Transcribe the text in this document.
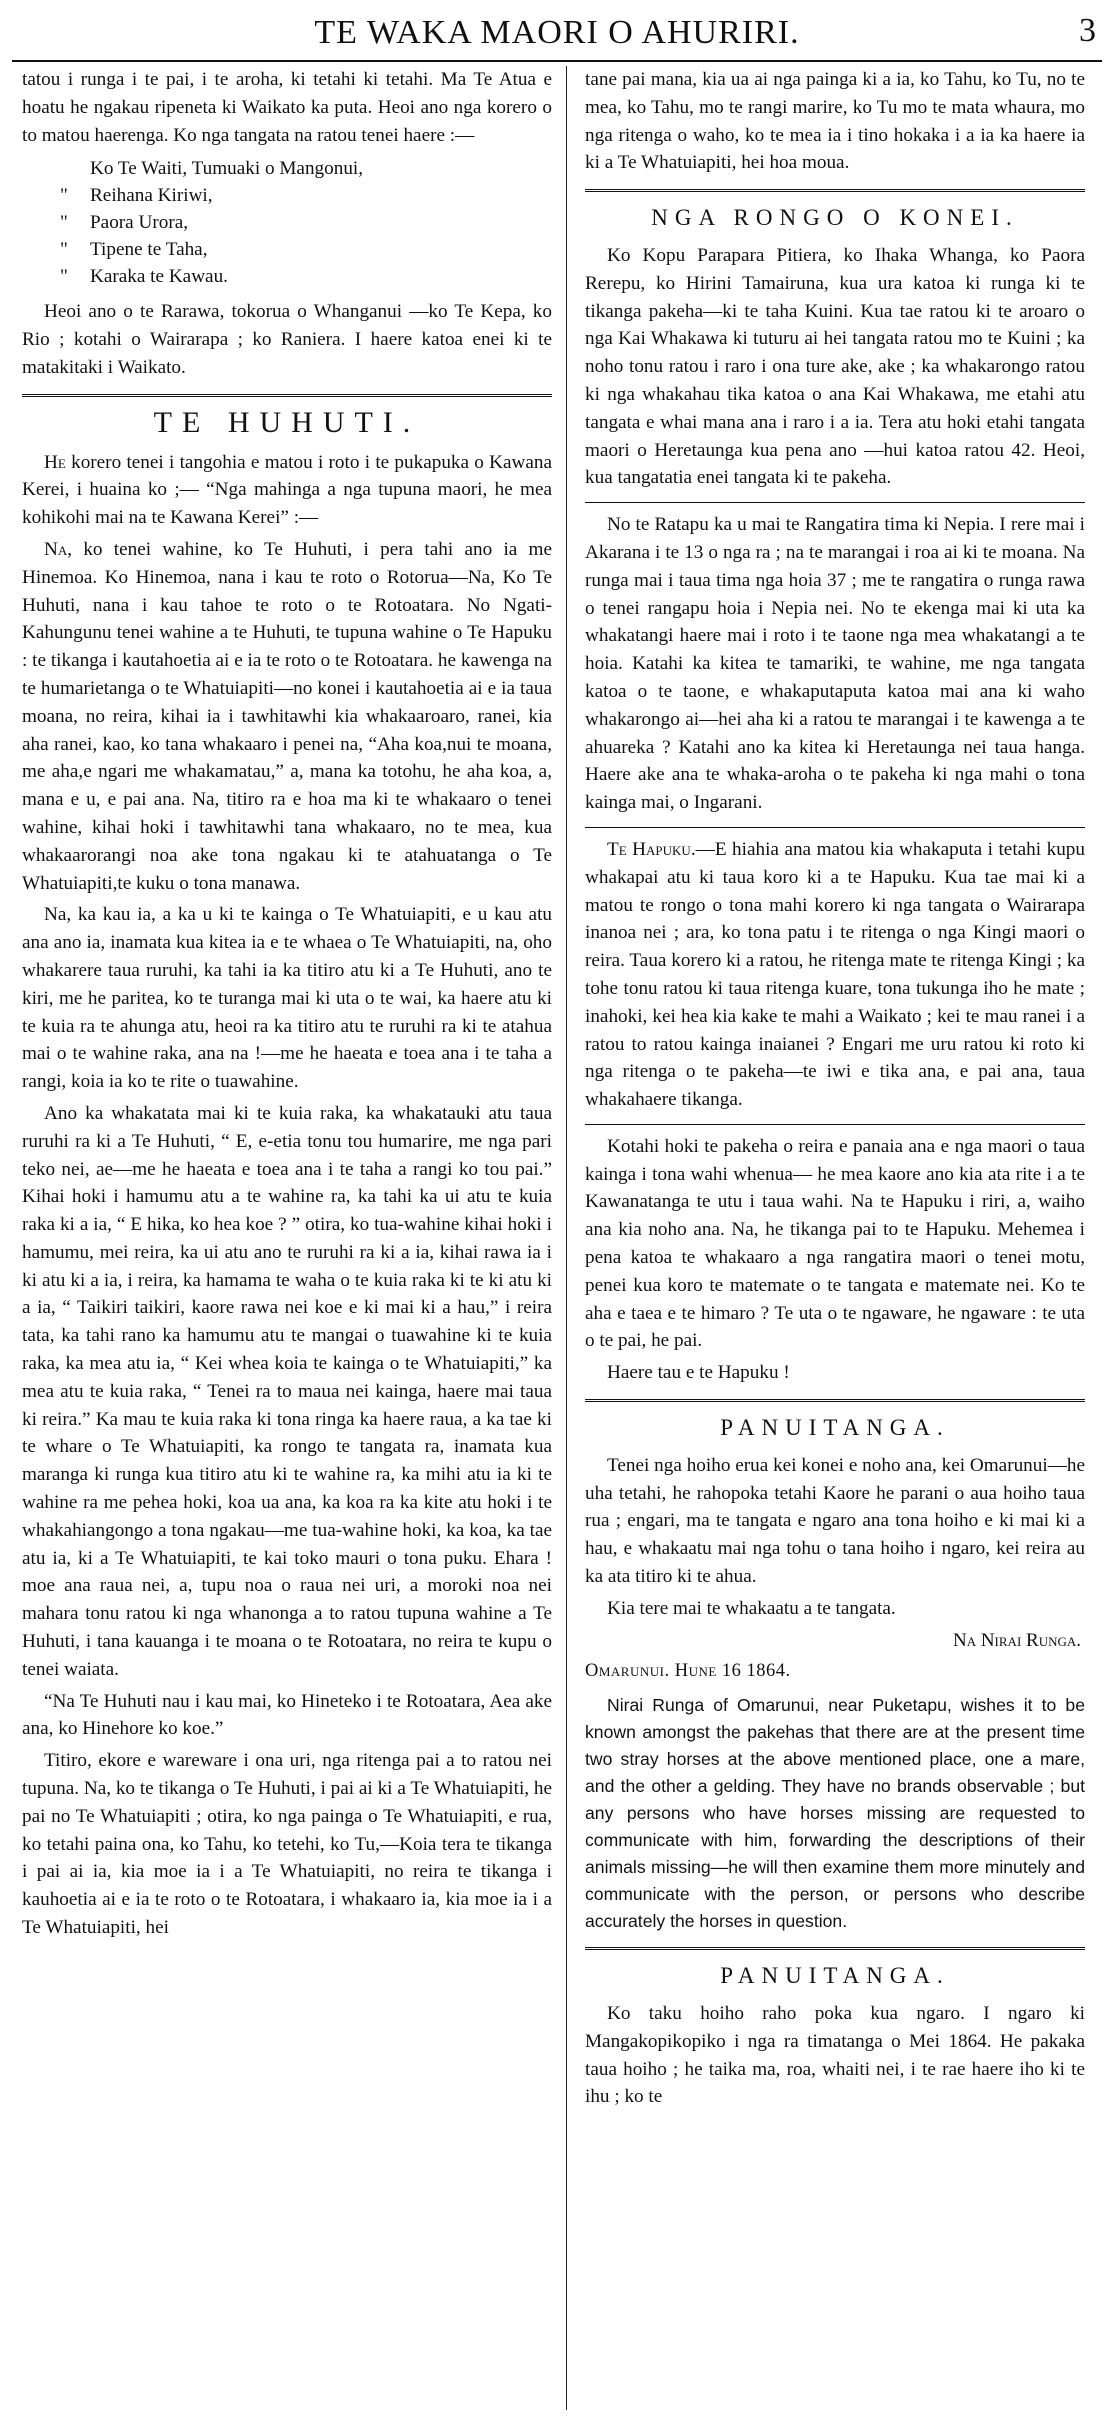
TE WAKA MAORI O AHURIRI.	3

tatou i runga i te pai, i te aroha, ki tetahi ki tetahi. Ma Te Atua e hoatu he ngakau ripeneta ki Waikato ka puta. Heoi ano nga korero o to matou haerenga. Ko nga tangata na ratou tenei haere :—

Ko Te Waiti, Tumuaki o Mangonui,
" Reihana Kiriwi,
" Paora Urora,
" Tipene te Taha,
" Karaka te Kawau.

Heoi ano o te Rarawa, tokorua o Whanganui —ko Te Kepa, ko Rio ; kotahi o Wairarapa ; ko Raniera. I haere katoa enei ki te matakitaki i Waikato.

TE HUHUTI.

He korero tenei i tangohia e matou i roto i te pukapuka o Kawana Kerei, i huaina ko ;— “Nga mahinga a nga tupuna maori, he mea kohikohi mai na te Kawana Kerei” :—

Na, ko tenei wahine, ko Te Huhuti, i pera tahi ano ia me Hinemoa. Ko Hinemoa, nana i kau te roto o Rotorua—Na, Ko Te Huhuti, nana i kau tahoe te roto o te Rotoatara. No Ngati-Kahungunu tenei wahine a te Huhuti, te tupuna wahine o Te Hapuku : te tikanga i kautahoetia ai e ia te roto o te Rotoatara. he kawenga na te humarietanga o te Whatuiapiti—no konei i kautahoetia ai e ia taua moana, no reira, kihai ia i tawhitawhi kia whakaaroaro, ranei, kia aha ranei, kao, ko tana whakaaro i penei na, “Aha koa,nui te moana, me aha,e ngari me whakamatau,” a, mana ka totohu, he aha koa, a, mana e u, e pai ana. Na, titiro ra e hoa ma ki te whakaaro o tenei wahine, kihai hoki i tawhitawhi tana whakaaro, no te mea, kua whakaarorangi noa ake tona ngakau ki te atahuatanga o Te Whatuiapiti,te kuku o tona manawa.

Na, ka kau ia, a ka u ki te kainga o Te Whatuiapiti, e u kau atu ana ano ia, inamata kua kitea ia e te whaea o Te Whatuiapiti, na, oho whakarere taua ruruhi, ka tahi ia ka titiro atu ki a Te Huhuti, ano te kiri, me he paritea, ko te turanga mai ki uta o te wai, ka haere atu ki te kuia ra te ahunga atu, heoi ra ka titiro atu te ruruhi ra ki te atahua mai o te wahine raka, ana na !—me he haeata e toea ana i te taha a rangi, koia ia ko te rite o tuawahine.

Ano ka whakatata mai ki te kuia raka, ka whakatauki atu taua ruruhi ra ki a Te Huhuti, “ E, e-etia tonu tou humarire, me nga pari teko nei, ae—me he haeata e toea ana i te taha a rangi ko tou pai.” Kihai hoki i hamumu atu a te wahine ra, ka tahi ka ui atu te kuia raka ki a ia, “ E hika, ko hea koe ? ” otira, ko tua-wahine kihai hoki i hamumu, mei reira, ka ui atu ano te ruruhi ra ki a ia, kihai rawa ia i ki atu ki a ia, i reira, ka hamama te waha o te kuia raka ki te ki atu ki a ia, “ Taikiri taikiri, kaore rawa nei koe e ki mai ki a hau,” i reira tata, ka tahi rano ka hamumu atu te mangai o tuawahine ki te kuia raka, ka mea atu ia, “ Kei whea koia te kainga o te Whatuiapiti,” ka mea atu te kuia raka, “ Tenei ra to maua nei kainga, haere mai taua ki reira.” Ka mau te kuia raka ki tona ringa ka haere raua, a ka tae ki te whare o Te Whatuiapiti, ka rongo te tangata ra, inamata kua maranga ki runga kua titiro atu ki te wahine ra, ka mihi atu ia ki te wahine ra me pehea hoki, koa ua ana, ka koa ra ka kite atu hoki i te whakahiangongo a tona ngakau—me tua-wahine hoki, ka koa, ka tae atu ia, ki a Te Whatuiapiti, te kai toko mauri o tona puku. Ehara ! moe ana raua nei, a, tupu noa o raua nei uri, a moroki noa nei mahara tonu ratou ki nga whanonga a to ratou tupuna wahine a Te Huhuti, i tana kauanga i te moana o te Rotoatara, no reira te kupu o tenei waiata.

“Na Te Huhuti nau i kau mai, ko Hineteko i te Rotoatara, Aea ake ana, ko Hinehore ko koe.”

Titiro, ekore e wareware i ona uri, nga ritenga pai a to ratou nei tupuna. Na, ko te tikanga o Te Huhuti, i pai ai ki a Te Whatuiapiti, he pai no Te Whatuiapiti ; otira, ko nga painga o Te Whatuiapiti, e rua, ko tetahi paina ona, ko Tahu, ko tetehi, ko Tu,—Koia tera te tikanga i pai ai ia, kia moe ia i a Te Whatuiapiti, no reira te tikanga i kauhoetia ai e ia te roto o te Rotoatara, i whakaaro ia, kia moe ia i a Te Whatuiapiti, hei

tane pai mana, kia ua ai nga painga ki a ia, ko Tahu, ko Tu, no te mea, ko Tahu, mo te rangi marire, ko Tu mo te mata whaura, mo nga ritenga o waho, ko te mea ia i tino hokaka i a ia ka haere ia ki a Te Whatuiapiti, hei hoa moua.

NGA RONGO O KONEI.

Ko Kopu Parapara Pitiera, ko Ihaka Whanga, ko Paora Rerepu, ko Hirini Tamairuna, kua ura katoa ki runga ki te tikanga pakeha—ki te taha Kuini. Kua tae ratou ki te aroaro o nga Kai Whakawa ki tuturu ai hei tangata ratou mo te Kuini ; ka noho tonu ratou i raro i ona ture ake, ake ; ka whakarongo ratou ki nga whakahau tika katoa o ana Kai Whakawa, me etahi atu tangata e whai mana ana i raro i a ia. Tera atu hoki etahi tangata maori o Heretaunga kua pena ano —hui katoa ratou 42. Heoi, kua tangatatia enei tangata ki te pakeha.

No te Ratapu ka u mai te Rangatira tima ki Nepia. I rere mai i Akarana i te 13 o nga ra ; na te marangai i roa ai ki te moana. Na runga mai i taua tima nga hoia 37 ; me te rangatira o runga rawa o tenei rangapu hoia i Nepia nei. No te ekenga mai ki uta ka whakatangi haere mai i roto i te taone nga mea whakatangi a te hoia. Katahi ka kitea te tamariki, te wahine, me nga tangata katoa o te taone, e whakaputaputa katoa mai ana ki waho whakarongo ai—hei aha ki a ratou te marangai i te kawenga a te ahuareka ? Katahi ano ka kitea ki Heretaunga nei taua hanga. Haere ake ana te whaka-aroha o te pakeha ki nga mahi o tona kainga mai, o Ingarani.

Te Hapuku.—E hiahia ana matou kia whakaputa i tetahi kupu whakapai atu ki taua koro ki a te Hapuku. Kua tae mai ki a matou te rongo o tona mahi korero ki nga tangata o Wairarapa inanoa nei ; ara, ko tona patu i te ritenga o nga Kingi maori o reira. Taua korero ki a ratou, he ritenga mate te ritenga Kingi ; ka tohe tonu ratou ki taua ritenga kuare, tona tukunga iho he mate ; inahoki, kei hea kia kake te mahi a Waikato ; kei te mau ranei i a ratou to ratou kainga inaianei ? Engari me uru ratou ki roto ki nga ritenga o te pakeha—te iwi e tika ana, e pai ana, taua whakahaere tikanga.

Kotahi hoki te pakeha o reira e panaia ana e nga maori o taua kainga i tona wahi whenua— he mea kaore ano kia ata rite i a te Kawanatanga te utu i taua wahi. Na te Hapuku i riri, a, waiho ana kia noho ana. Na, he tikanga pai to te Hapuku. Mehemea i pena katoa te whakaaro a nga rangatira maori o tenei motu, penei kua koro te matemate o te tangata e matemate nei. Ko te aha e taea e te himaro ? Te uta o te ngaware, he ngaware : te uta o te pai, he pai.

Haere tau e te Hapuku !

PANUITANGA.

Tenei nga hoiho erua kei konei e noho ana, kei Omarunui—he uha tetahi, he rahopoka tetahi Kaore he parani o aua hoiho taua rua ; engari, ma te tangata e ngaro ana tona hoiho e ki mai ki a hau, e whakaatu mai nga tohu o tana hoiho i ngaro, kei reira au ka ata titiro ki te ahua.

Kia tere mai te whakaatu a te tangata.

Na Nirai Runga.
Omarunui. Hune 16 1864.

Nirai Runga of Omarunui, near Puketapu, wishes it to be known amongst the pakehas that there are at the present time two stray horses at the above mentioned place, one a mare, and the other a gelding. They have no brands observable ; but any persons who have horses missing are requested to communicate with him, forwarding the descriptions of their animals missing—he will then examine them more minutely and communicate with the person, or persons who describe accurately the horses in question.

PANUITANGA.

Ko taku hoiho raho poka kua ngaro. I ngaro ki Mangakopikopiko i nga ra timatanga o Mei 1864. He pakaka taua hoiho ; he taika ma, roa, whaiti nei, i te rae haere iho ki te ihu ; ko te
